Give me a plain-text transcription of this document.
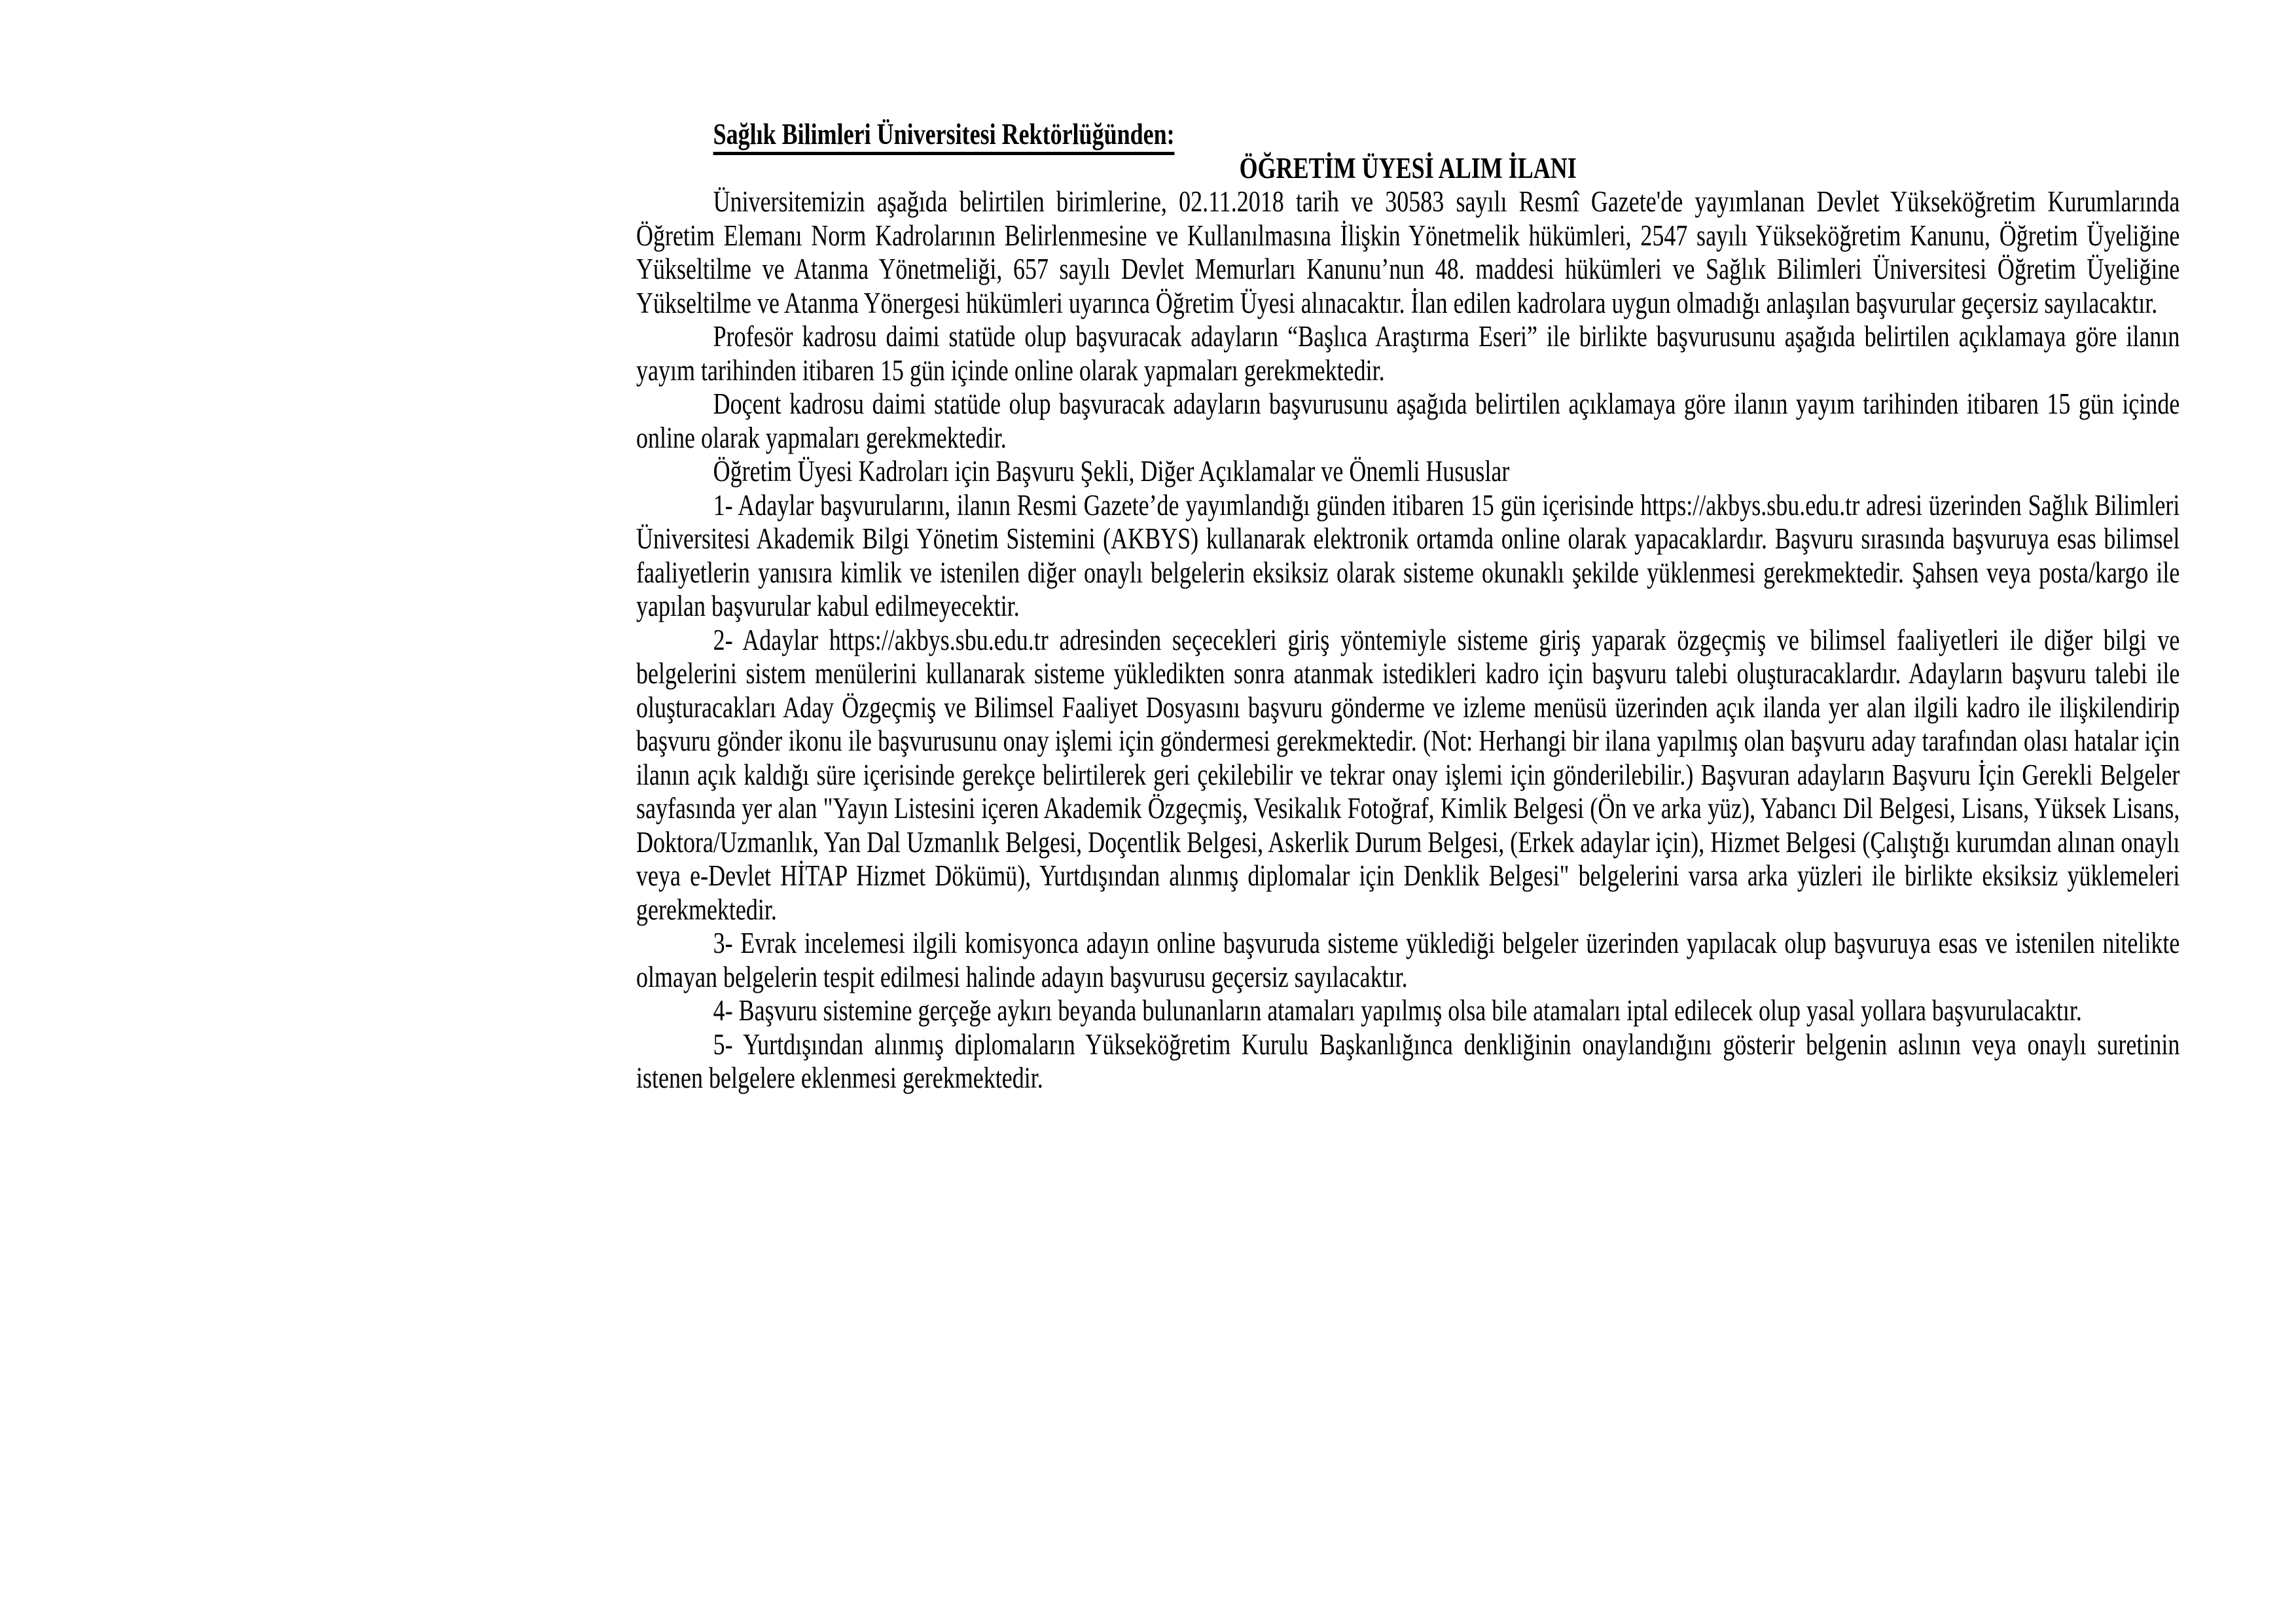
Sağlık Bilimleri Üniversitesi Rektörlüğünden:
ÖĞRETİM ÜYESİ ALIM İLANI

Üniversitemizin aşağıda belirtilen birimlerine, 02.11.2018 tarih ve 30583 sayılı Resmî Gazete'de yayımlanan Devlet Yükseköğretim Kurumlarında Öğretim Elemanı Norm Kadrolarının Belirlenmesine ve Kullanılmasına İlişkin Yönetmelik hükümleri, 2547 sayılı Yükseköğretim Kanunu, Öğretim Üyeliğine Yükseltilme ve Atanma Yönetmeliği, 657 sayılı Devlet Memurları Kanunu’nun 48. maddesi hükümleri ve Sağlık Bilimleri Üniversitesi Öğretim Üyeliğine Yükseltilme ve Atanma Yönergesi hükümleri uyarınca Öğretim Üyesi alınacaktır. İlan edilen kadrolara uygun olmadığı anlaşılan başvurular geçersiz sayılacaktır.

Profesör kadrosu daimi statüde olup başvuracak adayların “Başlıca Araştırma Eseri” ile birlikte başvurusunu aşağıda belirtilen açıklamaya göre ilanın yayım tarihinden itibaren 15 gün içinde online olarak yapmaları gerekmektedir.

Doçent kadrosu daimi statüde olup başvuracak adayların başvurusunu aşağıda belirtilen açıklamaya göre ilanın yayım tarihinden itibaren 15 gün içinde online olarak yapmaları gerekmektedir.

Öğretim Üyesi Kadroları için Başvuru Şekli, Diğer Açıklamalar ve Önemli Hususlar

1- Adaylar başvurularını, ilanın Resmi Gazete’de yayımlandığı günden itibaren 15 gün içerisinde https://akbys.sbu.edu.tr adresi üzerinden Sağlık Bilimleri Üniversitesi Akademik Bilgi Yönetim Sistemini (AKBYS) kullanarak elektronik ortamda online olarak yapacaklardır. Başvuru sırasında başvuruya esas bilimsel faaliyetlerin yanısıra kimlik ve istenilen diğer onaylı belgelerin eksiksiz olarak sisteme okunaklı şekilde yüklenmesi gerekmektedir. Şahsen veya posta/kargo ile yapılan başvurular kabul edilmeyecektir.

2- Adaylar https://akbys.sbu.edu.tr adresinden seçecekleri giriş yöntemiyle sisteme giriş yaparak özgeçmiş ve bilimsel faaliyetleri ile diğer bilgi ve belgelerini sistem menülerini kullanarak sisteme yükledikten sonra atanmak istedikleri kadro için başvuru talebi oluşturacaklardır. Adayların başvuru talebi ile oluşturacakları Aday Özgeçmiş ve Bilimsel Faaliyet Dosyasını başvuru gönderme ve izleme menüsü üzerinden açık ilanda yer alan ilgili kadro ile ilişkilendirip başvuru gönder ikonu ile başvurusunu onay işlemi için göndermesi gerekmektedir. (Not: Herhangi bir ilana yapılmış olan başvuru aday tarafından olası hatalar için ilanın açık kaldığı süre içerisinde gerekçe belirtilerek geri çekilebilir ve tekrar onay işlemi için gönderilebilir.) Başvuran adayların Başvuru İçin Gerekli Belgeler sayfasında yer alan "Yayın Listesini içeren Akademik Özgeçmiş, Vesikalık Fotoğraf, Kimlik Belgesi (Ön ve arka yüz), Yabancı Dil Belgesi, Lisans, Yüksek Lisans, Doktora/Uzmanlık, Yan Dal Uzmanlık Belgesi, Doçentlik Belgesi, Askerlik Durum Belgesi, (Erkek adaylar için), Hizmet Belgesi (Çalıştığı kurumdan alınan onaylı veya e-Devlet HİTAP Hizmet Dökümü), Yurtdışından alınmış diplomalar için Denklik Belgesi" belgelerini varsa arka yüzleri ile birlikte eksiksiz yüklemeleri gerekmektedir.

3- Evrak incelemesi ilgili komisyonca adayın online başvuruda sisteme yüklediği belgeler üzerinden yapılacak olup başvuruya esas ve istenilen nitelikte olmayan belgelerin tespit edilmesi halinde adayın başvurusu geçersiz sayılacaktır.

4- Başvuru sistemine gerçeğe aykırı beyanda bulunanların atamaları yapılmış olsa bile atamaları iptal edilecek olup yasal yollara başvurulacaktır.

5- Yurtdışından alınmış diplomaların Yükseköğretim Kurulu Başkanlığınca denkliğinin onaylandığını gösterir belgenin aslının veya onaylı suretinin istenen belgelere eklenmesi gerekmektedir.
